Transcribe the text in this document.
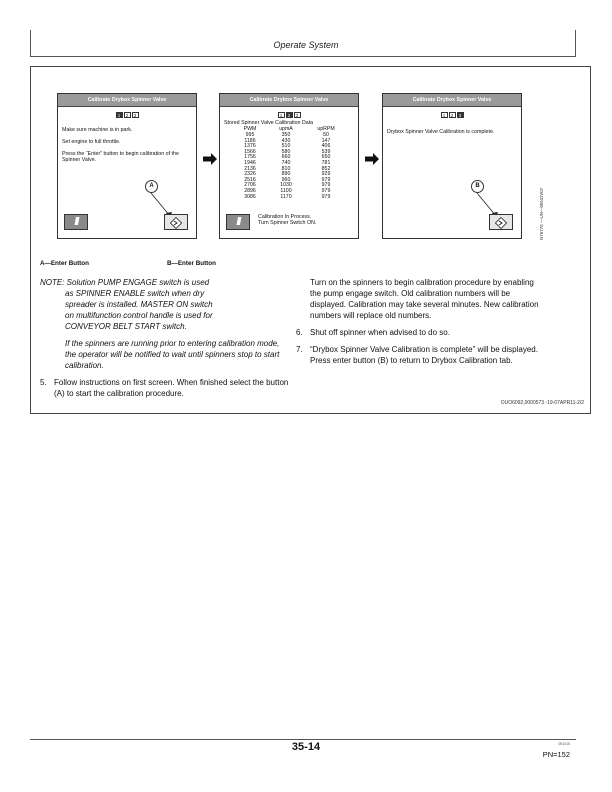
Operate System
Calibrate Drybox Spinner Valve
1 2 3
Make sure machine is in park.
Set engine to full throttle.
Press the “Enter” button to begin calibration of the Spinner Valve.
A
///
Calibrate Drybox Spinner Valve
1 2 3
Stored Spinner Valve Calibration Data
PWM	upmA	upRPM
995	350	50
1186	430	147
1376	510	406
1566	580	539
1756	660	650
1946	740	781
2136	810	852
2326	890	929
2516	960	979
2706	1030	979
2896	1100	979
3086	1170	979
///	Calibration In Process.
Turn Spinner Switch ON.
Calibrate Drybox Spinner Valve
1 2 3
Drybox Spinner Valve Calibration is complete.
B
N76776 —UN—08NOV07
A—Enter Button	B—Enter Button
NOTE: Solution PUMP ENGAGE switch is used
as SPINNER ENABLE switch when dry
spreader is installed. MASTER ON switch
on multifunction control handle is used for
CONVEYOR BELT START switch.
If the spinners are running prior to entering calibration mode, the operator will be notified to wait until spinners stop to start calibration.
5. Follow instructions on first screen. When finished select the button (A) to start the calibration procedure.
Turn on the spinners to begin calibration procedure by enabling the pump engage switch. Old calibration numbers will be displayed. Calibration may take several minutes. New calibration numbers will replace old numbers.
6. Shut off spinner when advised to do so.
7. “Drybox Spinner Valve Calibration is complete” will be displayed. Press enter button (B) to return to Drybox Calibration tab.
OUO6092,0000573 -19-07APR11-2/2
35-14	081015
PN=152
